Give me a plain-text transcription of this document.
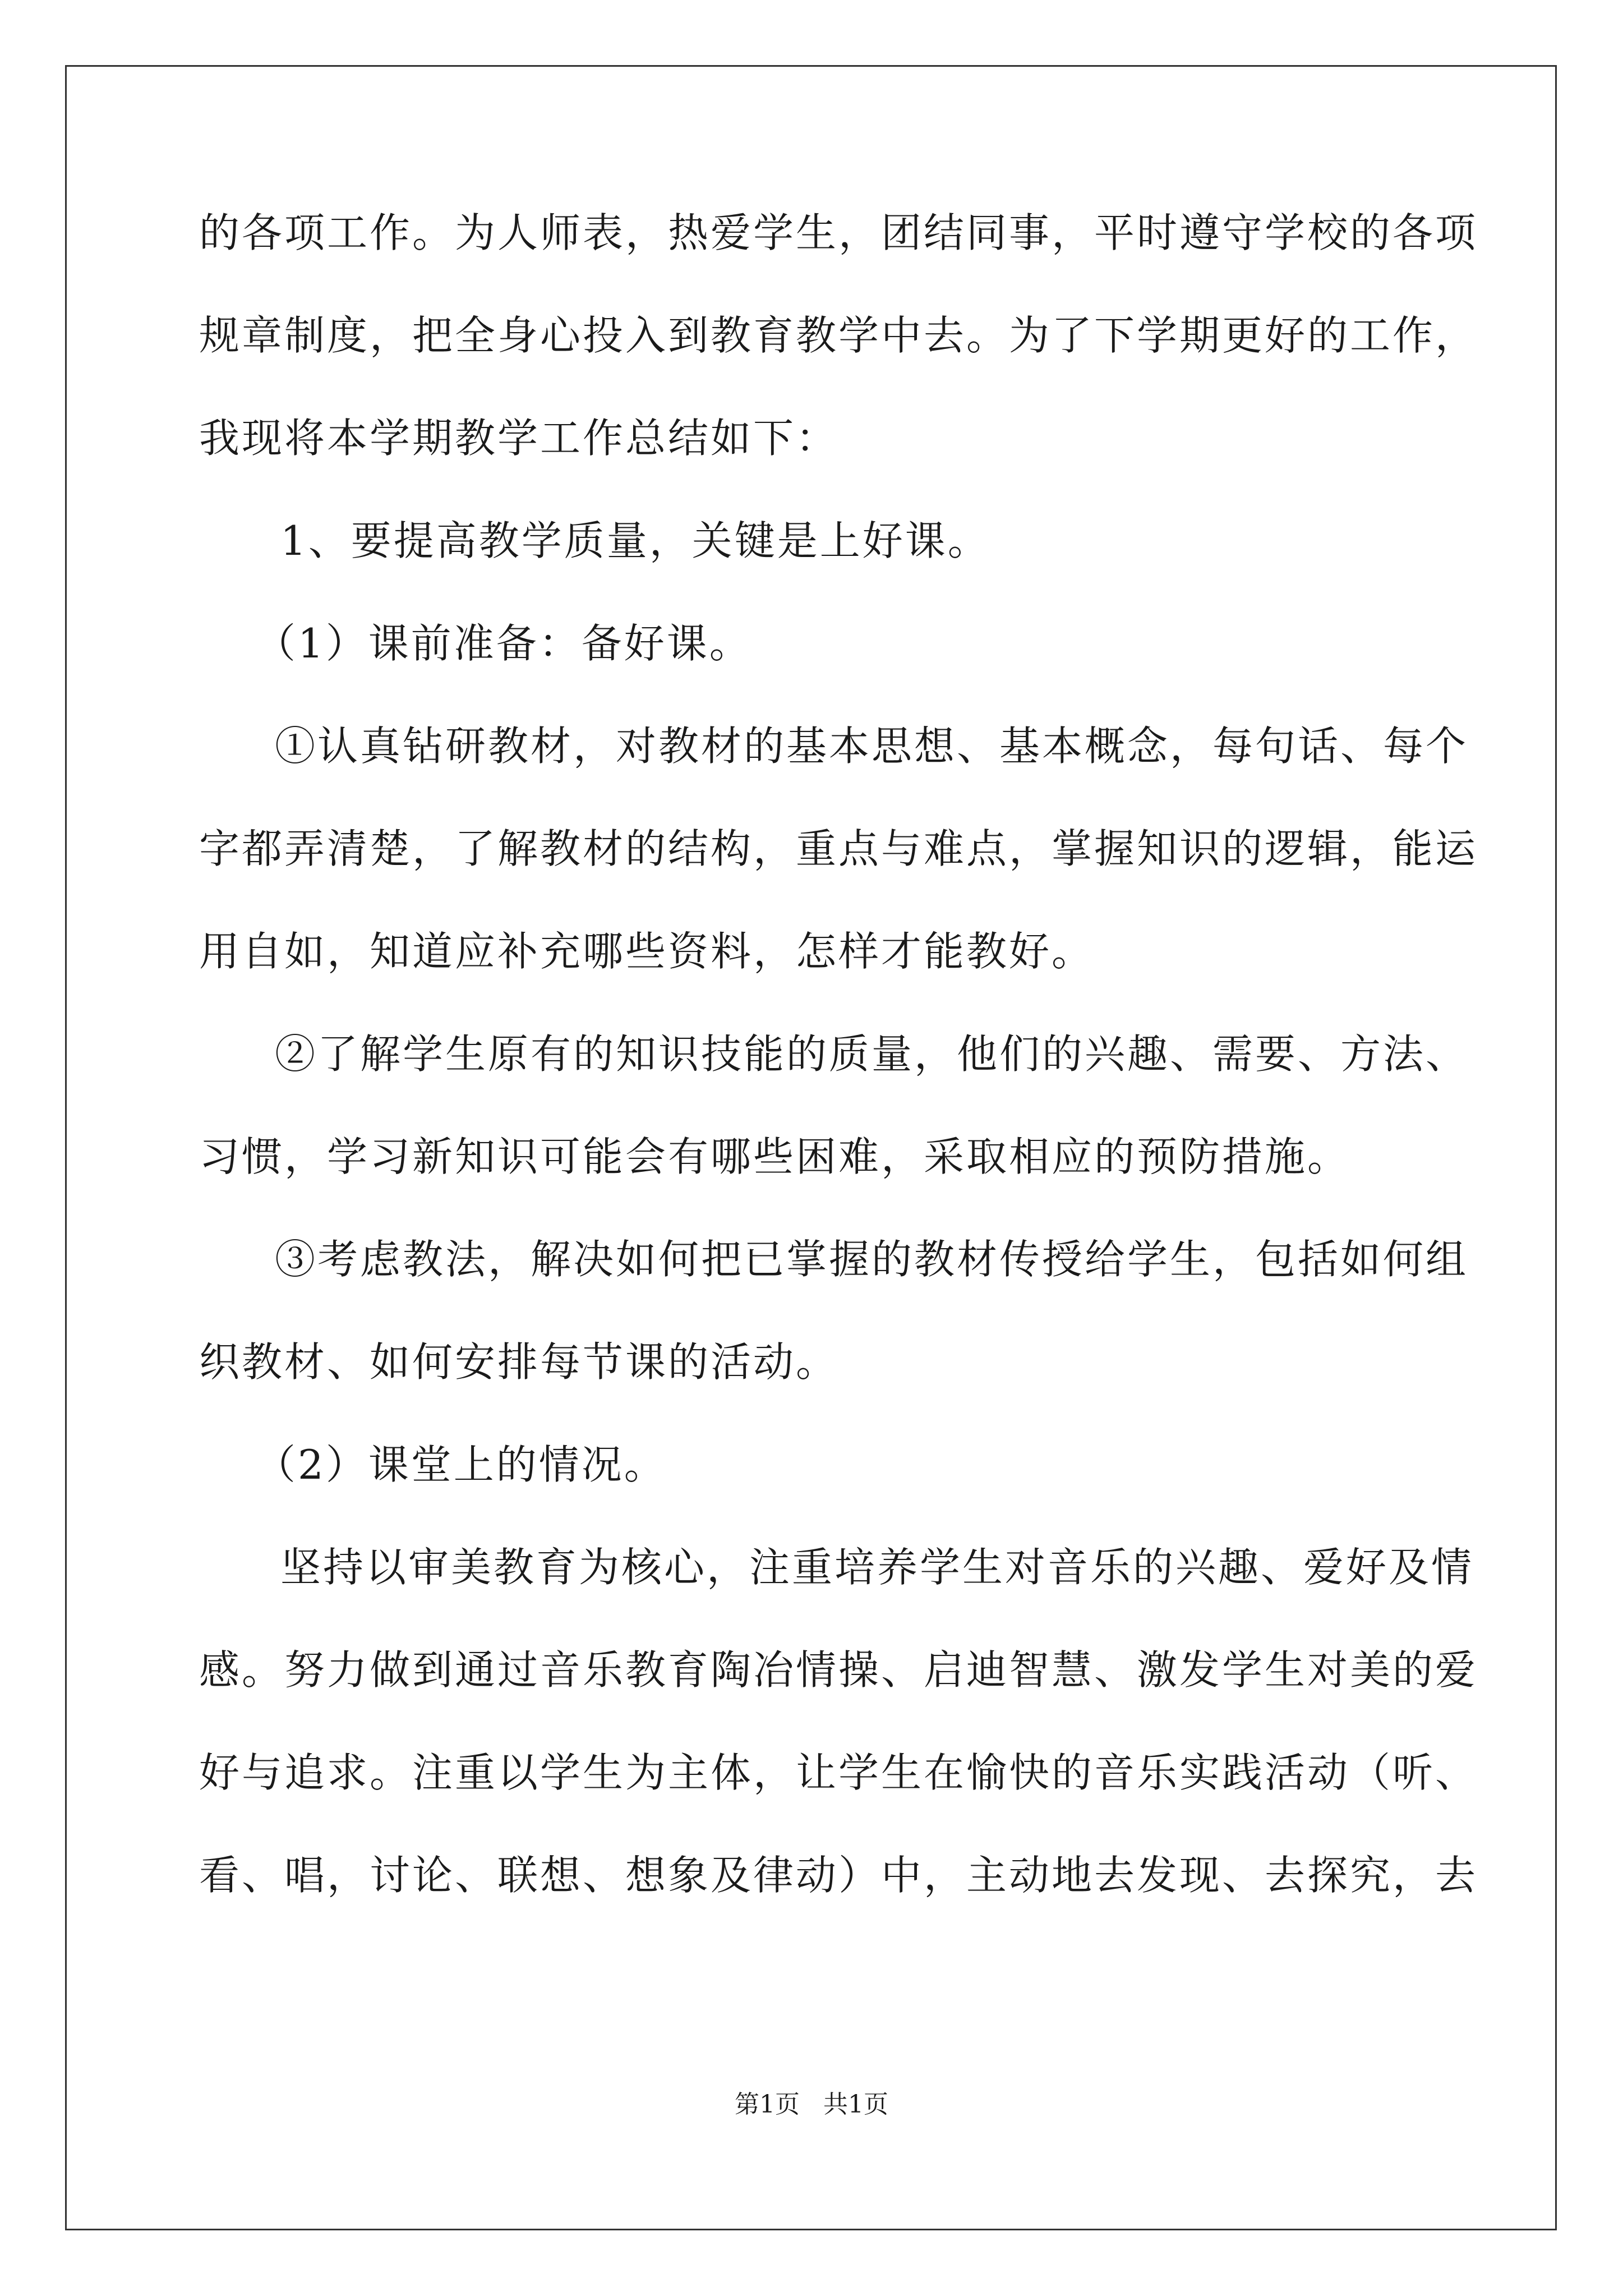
的各项工作。为人师表，热爱学生，团结同事，平时遵守学校的各项
规章制度，把全身心投入到教育教学中去。为了下学期更好的工作，
我现将本学期教学工作总结如下：
1、要提高教学质量，关键是上好课。
（1）课前准备：备好课。
①认真钻研教材，对教材的基本思想、基本概念，每句话、每个
字都弄清楚，了解教材的结构，重点与难点，掌握知识的逻辑，能运
用自如，知道应补充哪些资料，怎样才能教好。
②了解学生原有的知识技能的质量，他们的兴趣、需要、方法、
习惯，学习新知识可能会有哪些困难，采取相应的预防措施。
③考虑教法，解决如何把已掌握的教材传授给学生，包括如何组
织教材、如何安排每节课的活动。
（2）课堂上的情况。
坚持以审美教育为核心，注重培养学生对音乐的兴趣、爱好及情
感。努力做到通过音乐教育陶冶情操、启迪智慧、激发学生对美的爱
好与追求。注重以学生为主体，让学生在愉快的音乐实践活动（听、
看、唱，讨论、联想、想象及律动）中，主动地去发现、去探究，去
第1页   共1页
